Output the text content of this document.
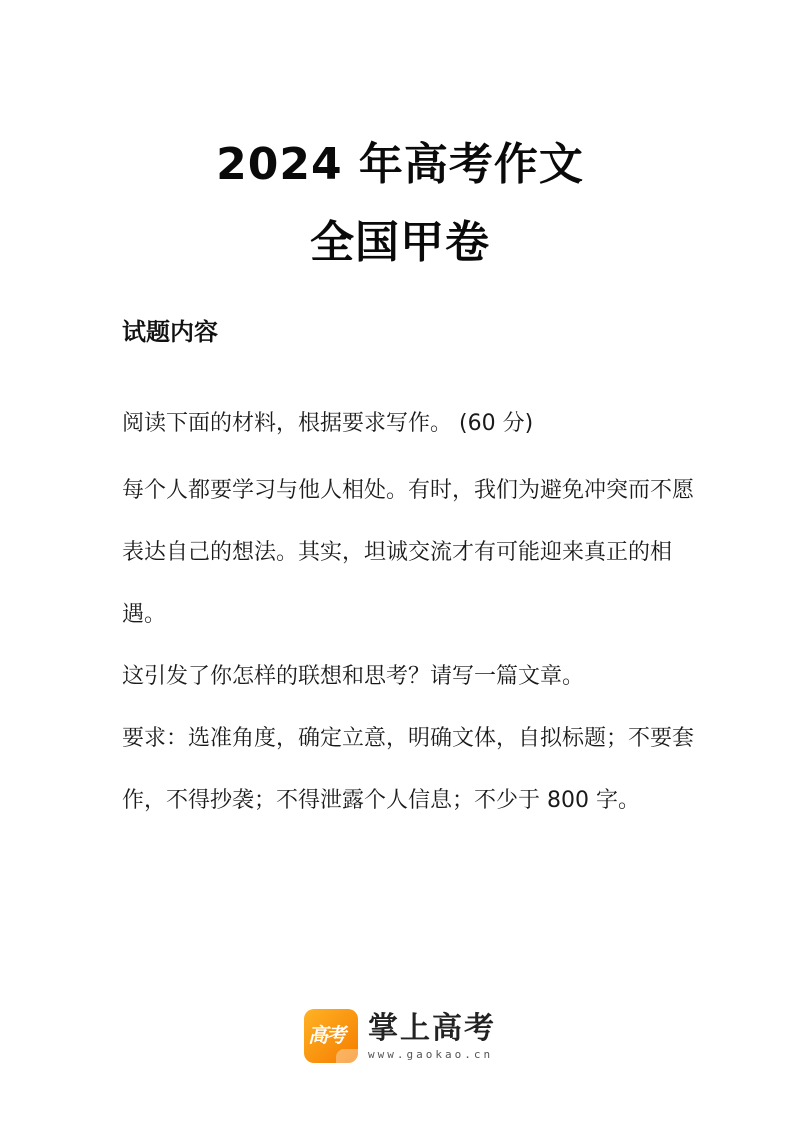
2024 年高考作文
全国甲卷
试题内容
阅读下面的材料，根据要求写作。 (60 分)
每个人都要学习与他人相处。有时，我们为避免冲突而不愿表达自己的想法。其实，坦诚交流才有可能迎来真正的相遇。
这引发了你怎样的联想和思考？请写一篇文章。
要求：选准角度，确定立意，明确文体，自拟标题；不要套作，不得抄袭；不得泄露个人信息；不少于 800 字。
高考 掌上高考
www.gaokao.cn
